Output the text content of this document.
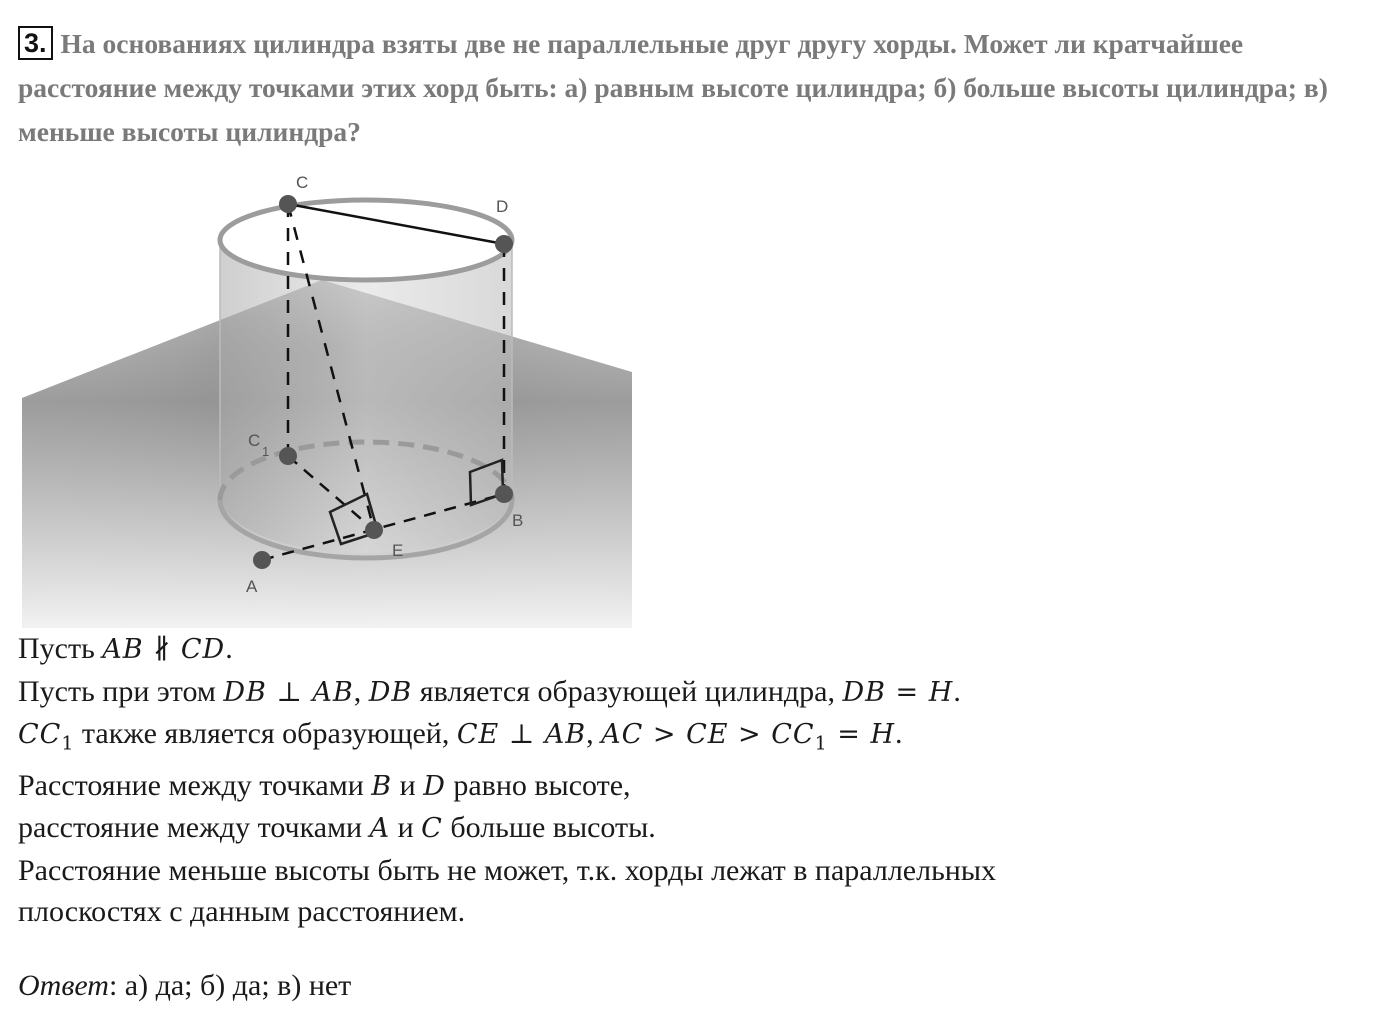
3. На основаниях цилиндра взяты две не параллельные друг другу хорды. Может ли кратчайшее расстояние между точками этих хорд быть: а) равным высоте цилиндра; б) больше высоты цилиндра; в) меньше высоты цилиндра?
C
D
C
1
B
E
A
Пусть AB ∦ CD.
Пусть при этом DB ⊥ AB, DB является образующей цилиндра, DB = H.
$CC_1$ также является образующей, CE ⊥ AB, AC > CE > $CC_1 = H$.
Расстояние между точками B и D равно высоте,
расстояние между точками A и C больше высоты.
Расстояние меньше высоты быть не может, т.к. хорды лежат в параллельных
плоскостях с данным расстоянием.
Ответ: а) да; б) да; в) нет
